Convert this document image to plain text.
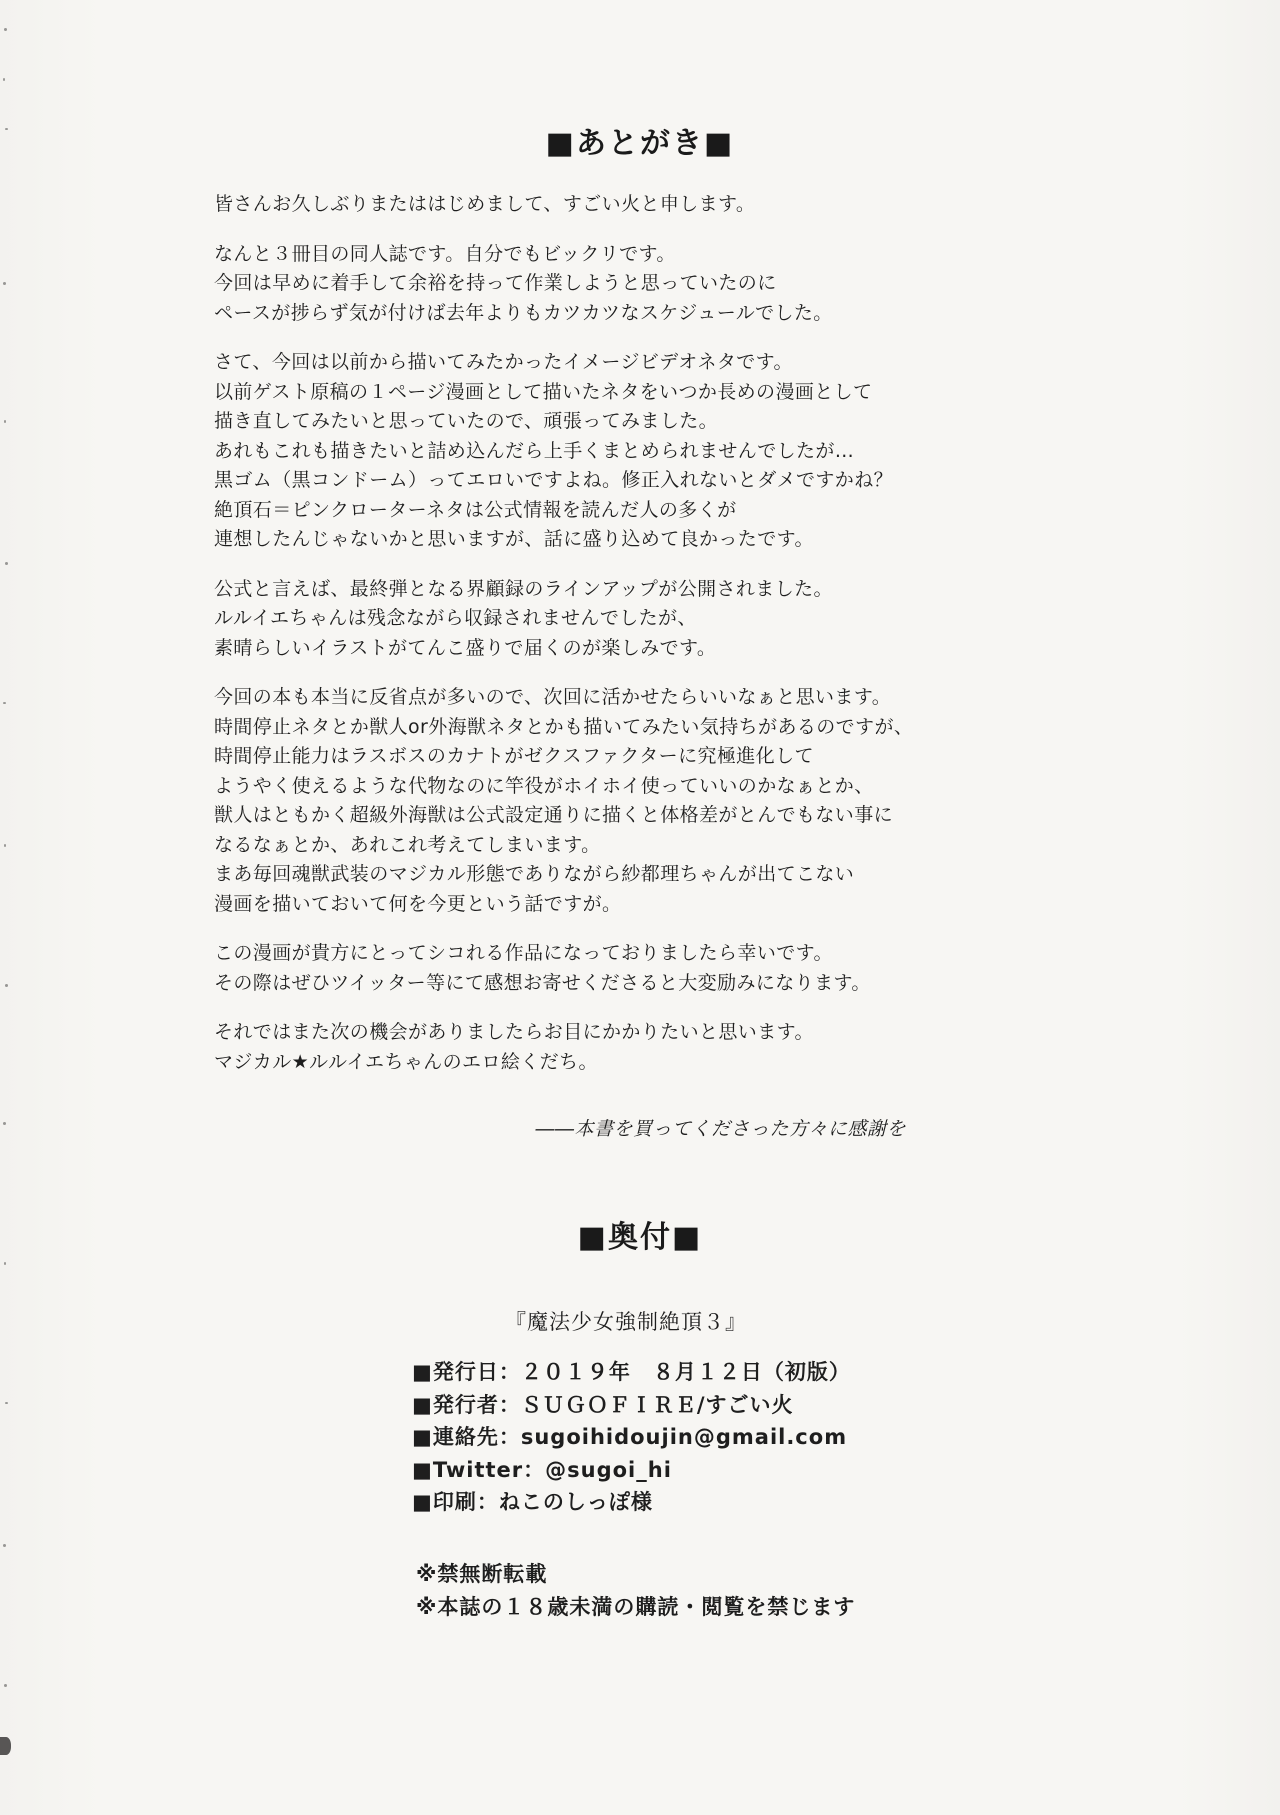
■あとがき■
皆さんお久しぶりまたははじめまして、すごい火と申します。
なんと３冊目の同人誌です。自分でもビックリです。
今回は早めに着手して余裕を持って作業しようと思っていたのに
ペースが捗らず気が付けば去年よりもカツカツなスケジュールでした。
さて、今回は以前から描いてみたかったイメージビデオネタです。
以前ゲスト原稿の１ページ漫画として描いたネタをいつか長めの漫画として
描き直してみたいと思っていたので、頑張ってみました。
あれもこれも描きたいと詰め込んだら上手くまとめられませんでしたが…
黒ゴム（黒コンドーム）ってエロいですよね。修正入れないとダメですかね？
絶頂石＝ピンクローターネタは公式情報を読んだ人の多くが
連想したんじゃないかと思いますが、話に盛り込めて良かったです。
公式と言えば、最終弾となる界顧録のラインアップが公開されました。
ルルイエちゃんは残念ながら収録されませんでしたが、
素晴らしいイラストがてんこ盛りで届くのが楽しみです。
今回の本も本当に反省点が多いので、次回に活かせたらいいなぁと思います。
時間停止ネタとか獣人or外海獣ネタとかも描いてみたい気持ちがあるのですが、
時間停止能力はラスボスのカナトがゼクスファクターに究極進化して
ようやく使えるような代物なのに竿役がホイホイ使っていいのかなぁとか、
獣人はともかく超級外海獣は公式設定通りに描くと体格差がとんでもない事に
なるなぁとか、あれこれ考えてしまいます。
まあ毎回魂獣武装のマジカル形態でありながら紗都理ちゃんが出てこない
漫画を描いておいて何を今更という話ですが。
この漫画が貴方にとってシコれる作品になっておりましたら幸いです。
その際はぜひツイッター等にて感想お寄せくださると大変励みになります。
それではまた次の機会がありましたらお目にかかりたいと思います。
マジカル★ルルイエちゃんのエロ絵くだち。
――本書を買ってくださった方々に感謝を
■奥付■
『魔法少女強制絶頂３』
■発行日：２０１９年　８月１２日（初版）
■発行者：ＳＵＧＯＦＩＲＥ/すごい火
■連絡先：sugoihidoujin@gmail.com
■Twitter：@sugoi_hi
■印刷：ねこのしっぽ様
※禁無断転載
※本誌の１８歳未満の購読・閲覧を禁じます
